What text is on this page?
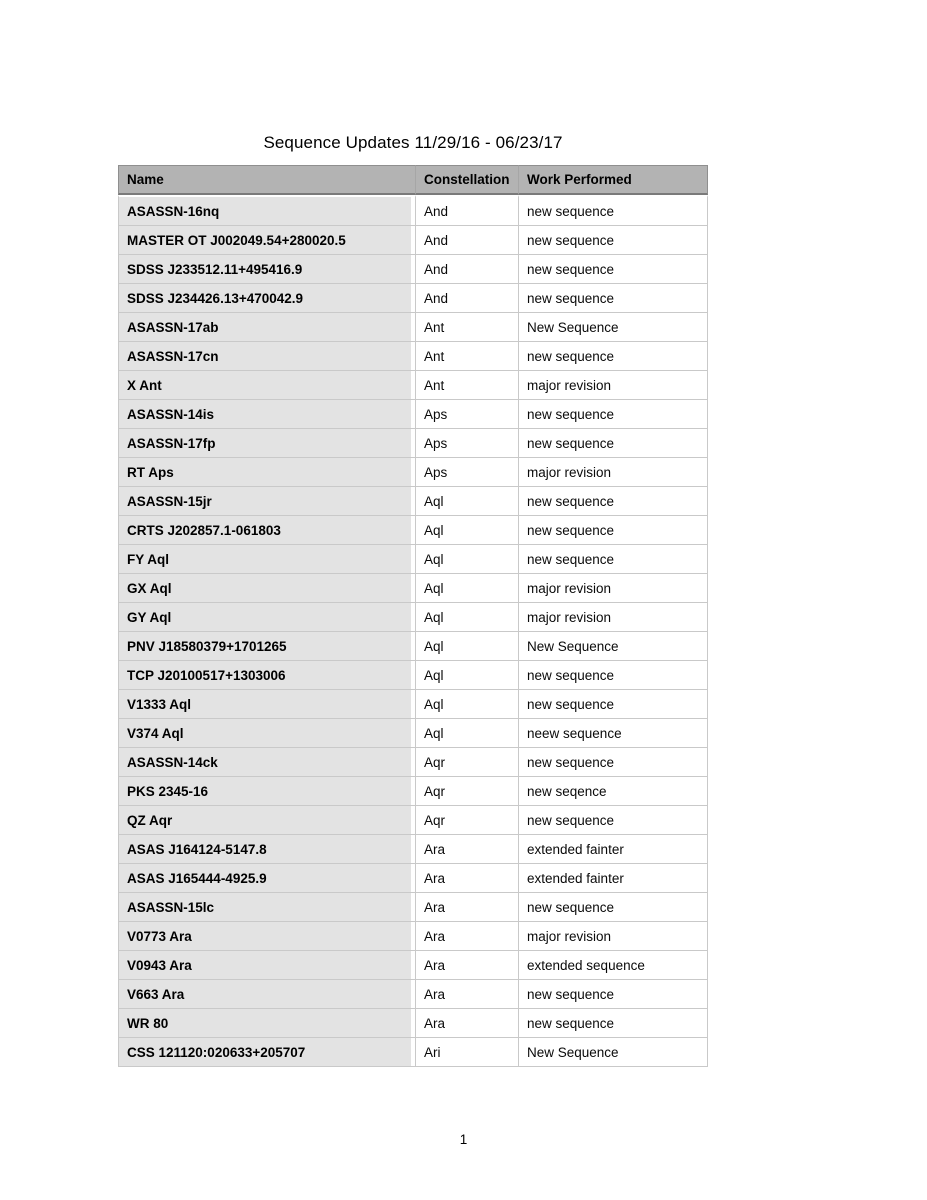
Sequence Updates 11/29/16 - 06/23/17
Name	Constellation	Work Performed
ASASSN-16nq	And	new sequence
MASTER OT J002049.54+280020.5	And	new sequence
SDSS J233512.11+495416.9	And	new sequence
SDSS J234426.13+470042.9	And	new sequence
ASASSN-17ab	Ant	New Sequence
ASASSN-17cn	Ant	new sequence
X Ant	Ant	major revision
ASASSN-14is	Aps	new sequence
ASASSN-17fp	Aps	new sequence
RT Aps	Aps	major revision
ASASSN-15jr	Aql	new sequence
CRTS J202857.1-061803	Aql	new sequence
FY Aql	Aql	new sequence
GX Aql	Aql	major revision
GY Aql	Aql	major revision
PNV J18580379+1701265	Aql	New Sequence
TCP J20100517+1303006	Aql	new sequence
V1333 Aql	Aql	new sequence
V374 Aql	Aql	neew sequence
ASASSN-14ck	Aqr	new sequence
PKS 2345-16	Aqr	new seqence
QZ Aqr	Aqr	new sequence
ASAS J164124-5147.8	Ara	extended fainter
ASAS J165444-4925.9	Ara	extended fainter
ASASSN-15lc	Ara	new sequence
V0773 Ara	Ara	major revision
V0943 Ara	Ara	extended sequence
V663 Ara	Ara	new sequence
WR 80	Ara	new sequence
CSS 121120:020633+205707	Ari	New Sequence
1
